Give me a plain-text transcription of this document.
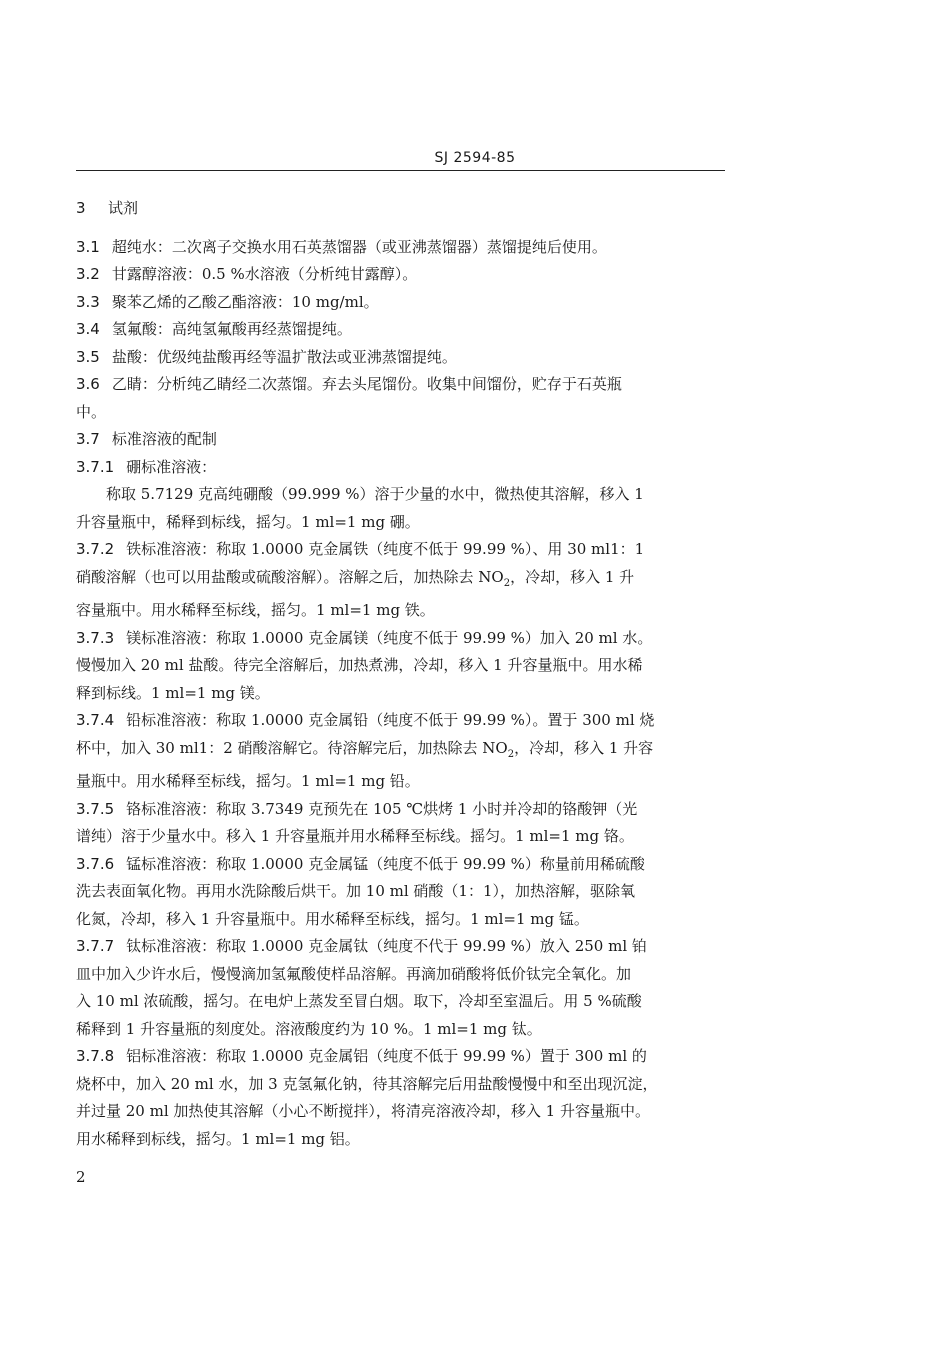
SJ 2594-85

3 试剂

3.1 超纯水：二次离子交换水用石英蒸馏器（或亚沸蒸馏器）蒸馏提纯后使用。

3.2 甘露醇溶液：0.5 %水溶液（分析纯甘露醇）。

3.3 聚苯乙烯的乙酸乙酯溶液：10 mg/ml。

3.4 氢氟酸：高纯氢氟酸再经蒸馏提纯。

3.5 盐酸：优级纯盐酸再经等温扩散法或亚沸蒸馏提纯。

3.6 乙睛：分析纯乙睛经二次蒸馏。弃去头尾馏份。收集中间馏份，贮存于石英瓶

中。

3.7 标准溶液的配制

3.7.1 硼标准溶液：

称取 5.7129 克高纯硼酸（99.999 %）溶于少量的水中，微热使其溶解，移入 1

升容量瓶中，稀释到标线，摇匀。1 ml=1 mg 硼。

3.7.2 铁标准溶液：称取 1.0000 克金属铁（纯度不低于 99.99 %）、用 30 ml1：1

硝酸溶解（也可以用盐酸或硫酸溶解）。溶解之后，加热除去 $NO_2$，冷却，移入 1 升

容量瓶中。用水稀释至标线，摇匀。1 ml=1 mg 铁。

3.7.3 镁标准溶液：称取 1.0000 克金属镁（纯度不低于 99.99 %）加入 20 ml 水。

慢慢加入 20 ml 盐酸。待完全溶解后，加热煮沸，冷却，移入 1 升容量瓶中。用水稀

释到标线。1 ml=1 mg 镁。

3.7.4 铅标准溶液：称取 1.0000 克金属铅（纯度不低于 99.99 %）。置于 300 ml 烧

杯中，加入 30 ml1：2 硝酸溶解它。待溶解完后，加热除去 $NO_2$，冷却，移入 1 升容

量瓶中。用水稀释至标线，摇匀。1 ml=1 mg 铅。

3.7.5 铬标准溶液：称取 3.7349 克预先在 105 ℃烘烤 1 小时并冷却的铬酸钾（光

谱纯）溶于少量水中。移入 1 升容量瓶并用水稀释至标线。摇匀。1 ml=1 mg 铬。

3.7.6 锰标准溶液：称取 1.0000 克金属锰（纯度不低于 99.99 %）称量前用稀硫酸

洗去表面氧化物。再用水洗除酸后烘干。加 10 ml 硝酸（1：1），加热溶解，驱除氧

化氮，冷却，移入 1 升容量瓶中。用水稀释至标线，摇匀。1 ml=1 mg 锰。

3.7.7 钛标准溶液：称取 1.0000 克金属钛（纯度不代于 99.99 %）放入 250 ml 铂

皿中加入少许水后，慢慢滴加氢氟酸使样品溶解。再滴加硝酸将低价钛完全氧化。加

入 10 ml 浓硫酸，摇匀。在电炉上蒸发至冒白烟。取下，冷却至室温后。用 5 %硫酸

稀释到 1 升容量瓶的刻度处。溶液酸度约为 10 %。1 ml=1 mg 钛。

3.7.8 铝标准溶液：称取 1.0000 克金属铝（纯度不低于 99.99 %）置于 300 ml 的

烧杯中，加入 20 ml 水，加 3 克氢氟化钠，待其溶解完后用盐酸慢慢中和至出现沉淀，

并过量 20 ml 加热使其溶解（小心不断搅拌），将清亮溶液冷却，移入 1 升容量瓶中。

用水稀释到标线，摇匀。1 ml=1 mg 铝。

2
